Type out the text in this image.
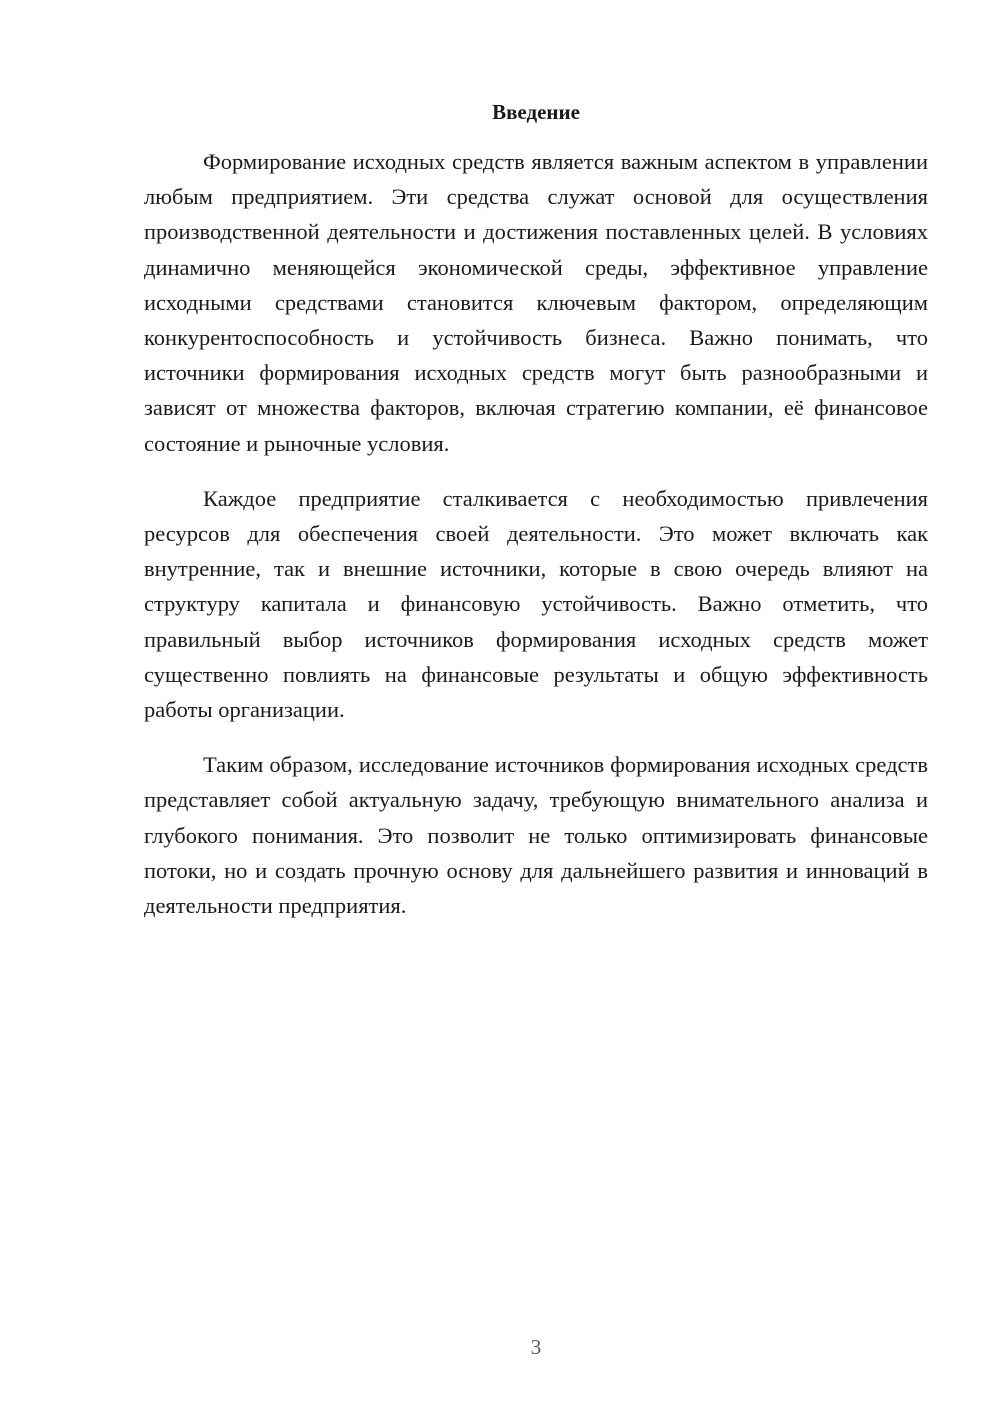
Введение

Формирование исходных средств является важным аспектом в управлении любым предприятием. Эти средства служат основой для осуществления производственной деятельности и достижения поставленных целей. В условиях динамично меняющейся экономической среды, эффективное управление исходными средствами становится ключевым фактором, определяющим конкурентоспособность и устойчивость бизнеса. Важно понимать, что источники формирования исходных средств могут быть разнообразными и зависят от множества факторов, включая стратегию компании, её финансовое состояние и рыночные условия.

Каждое предприятие сталкивается с необходимостью привлечения ресурсов для обеспечения своей деятельности. Это может включать как внутренние, так и внешние источники, которые в свою очередь влияют на структуру капитала и финансовую устойчивость. Важно отметить, что правильный выбор источников формирования исходных средств может существенно повлиять на финансовые результаты и общую эффективность работы организации.

Таким образом, исследование источников формирования исходных средств представляет собой актуальную задачу, требующую внимательного анализа и глубокого понимания. Это позволит не только оптимизировать финансовые потоки, но и создать прочную основу для дальнейшего развития и инноваций в деятельности предприятия.

3
